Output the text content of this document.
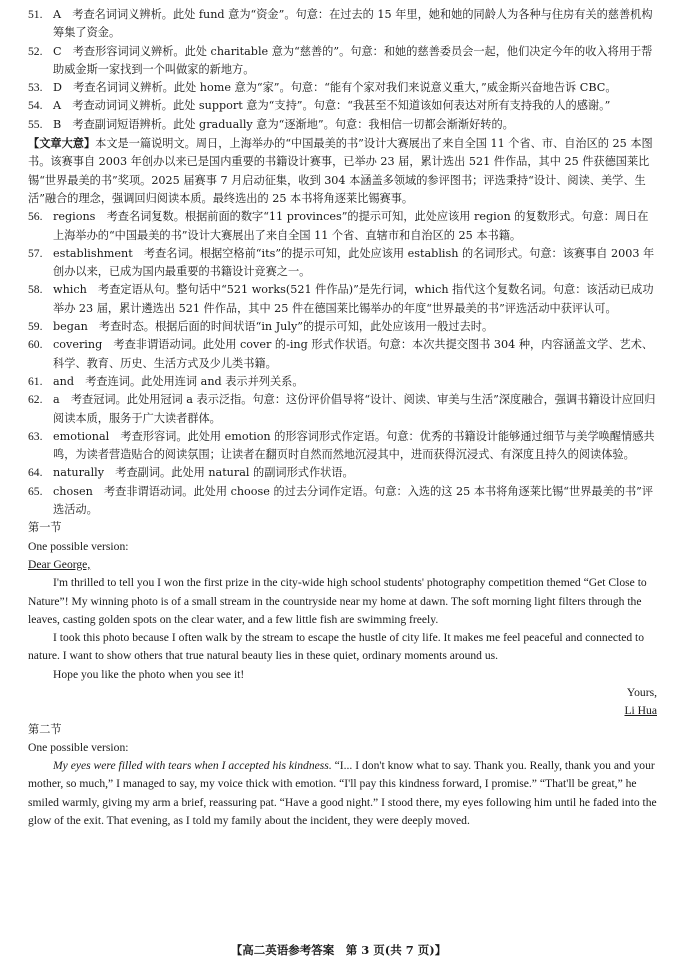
51. A　考查名词词义辨析。此处 fund 意为“资金”。句意：在过去的 15 年里，她和她的同龄人为各种与住房有关的慈善机构筹集了资金。

52. C　考查形容词词义辨析。此处 charitable 意为“慈善的”。句意：和她的慈善委员会一起，他们决定今年的收入将用于帮助威金斯一家找到一个叫做家的新地方。

53. D　考查名词词义辨析。此处 home 意为“家”。句意：“能有个家对我们来说意义重大，”威金斯兴奋地告诉 CBC。

54. A　考查动词词义辨析。此处 support 意为“支持”。句意：“我甚至不知道该如何表达对所有支持我的人的感谢。”

55. B　考查副词短语辨析。此处 gradually 意为“逐渐地”。句意：我相信一切都会渐渐好转的。

【文章大意】本文是一篇说明文。周日，上海举办的“中国最美的书”设计大赛展出了来自全国 11 个省、市、自治区的 25 本图书。该赛事自 2003 年创办以来已是国内重要的书籍设计赛事，已举办 23 届，累计选出 521 件作品，其中 25 件获德国莱比锡“世界最美的书”奖项。2025 届赛事 7 月启动征集，收到 304 本涵盖多领域的参评图书；评选秉持“设计、阅读、美学、生活”融合的理念，强调回归阅读本质。最终选出的 25 本书将角逐莱比锡赛事。

56. regions　考查名词复数。根据前面的数字“11 provinces”的提示可知，此处应该用 region 的复数形式。句意：周日在上海举办的“中国最美的书”设计大赛展出了来自全国 11 个省、直辖市和自治区的 25 本书籍。

57. establishment　考查名词。根据空格前“its”的提示可知，此处应该用 establish 的名词形式。句意：该赛事自 2003 年创办以来，已成为国内最重要的书籍设计竞赛之一。

58. which　考查定语从句。整句话中“521 works(521 件作品)”是先行词，which 指代这个复数名词。句意：该活动已成功举办 23 届，累计遴选出 521 件作品，其中 25 件在德国莱比锡举办的年度“世界最美的书”评选活动中获评认可。

59. began　考查时态。根据后面的时间状语“in July”的提示可知，此处应该用一般过去时。

60. covering　考查非谓语动词。此处用 cover 的-ing 形式作状语。句意：本次共提交图书 304 种，内容涵盖文学、艺术、科学、教育、历史、生活方式及少儿类书籍。

61. and　考查连词。此处用连词 and 表示并列关系。

62. a　考查冠词。此处用冠词 a 表示泛指。句意：这份评价倡导将“设计、阅读、审美与生活”深度融合，强调书籍设计应回归阅读本质，服务于广大读者群体。

63. emotional　考查形容词。此处用 emotion 的形容词形式作定语。句意：优秀的书籍设计能够通过细节与美学唤醒情感共鸣，为读者营造贴合的阅读氛围；让读者在翻页时自然而然地沉浸其中，进而获得沉浸式、有深度且持久的阅读体验。

64. naturally　考查副词。此处用 natural 的副词形式作状语。

65. chosen　考查非谓语动词。此处用 choose 的过去分词作定语。句意：入选的这 25 本书将角逐莱比锡“世界最美的书”评选活动。

第一节

One possible version:

Dear George,

I'm thrilled to tell you I won the first prize in the city-wide high school students' photography competition themed “Get Close to Nature”! My winning photo is of a small stream in the countryside near my home at dawn. The soft morning light filters through the leaves, casting golden spots on the clear water, and a few little fish are swimming freely.

I took this photo because I often walk by the stream to escape the hustle of city life. It makes me feel peaceful and connected to nature. I want to show others that true natural beauty lies in these quiet, ordinary moments around us.

Hope you like the photo when you see it!

Yours,

Li Hua

第二节

One possible version:

My eyes were filled with tears when I accepted his kindness. “I... I don't know what to say. Thank you. Really, thank you and your mother, so much,” I managed to say, my voice thick with emotion. “I'll pay this kindness forward, I promise.” “That'll be great,” he smiled warmly, giving my arm a brief, reassuring pat. “Have a good night.” I stood there, my eyes following him until he faded into the glow of the exit. That evening, as I told my family about the incident, they were deeply moved.

【高二英语参考答案　第 3 页(共 7 页)】
